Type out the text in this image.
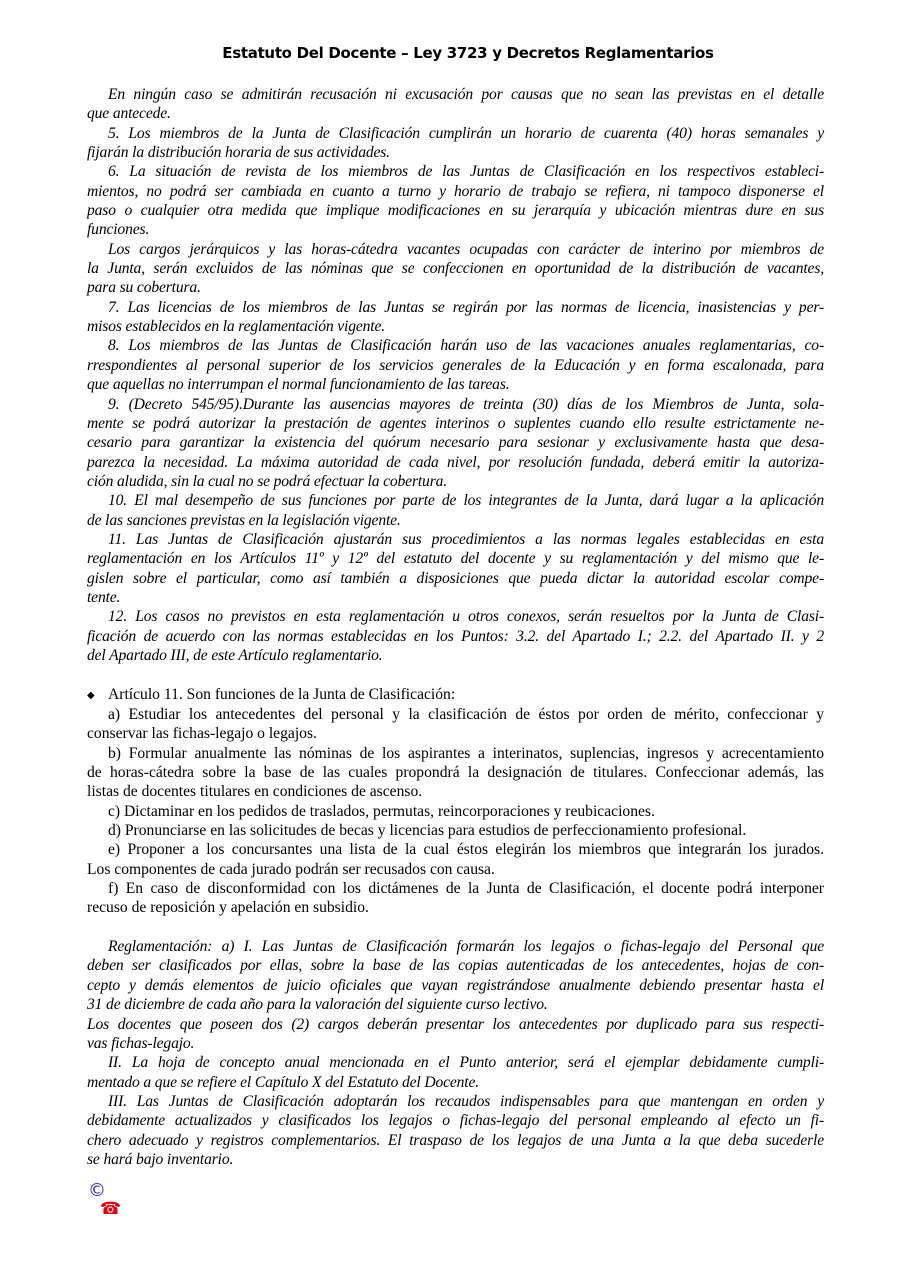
Estatuto Del Docente – Ley 3723 y Decretos Reglamentarios
En ningún caso se admitirán recusación ni excusación por causas que no sean las previstas en el detalle
que antecede.
5. Los miembros de la Junta de Clasificación cumplirán un horario de cuarenta (40) horas semanales y
fijarán la distribución horaria de sus actividades.
6. La situación de revista de los miembros de las Juntas de Clasificación en los respectivos estableci-
mientos, no podrá ser cambiada en cuanto a turno y horario de trabajo se refiera, ni tampoco disponerse el
paso o cualquier otra medida que implique modificaciones en su jerarquía y ubicación mientras dure en sus
funciones.
Los cargos jerárquicos y las horas-cátedra vacantes ocupadas con carácter de interino por miembros de
la Junta, serán excluidos de las nóminas que se confeccionen en oportunidad de la distribución de vacantes,
para su cobertura.
7. Las licencias de los miembros de las Juntas se regirán por las normas de licencia, inasistencias y per-
misos establecidos en la reglamentación vigente.
8. Los miembros de las Juntas de Clasificación harán uso de las vacaciones anuales reglamentarias, co-
rrespondientes al personal superior de los servicios generales de la Educación y en forma escalonada, para
que aquellas no interrumpan el normal funcionamiento de las tareas.
9. (Decreto 545/95).Durante las ausencias mayores de treinta (30) días de los Miembros de Junta, sola-
mente se podrá autorizar la prestación de agentes interinos o suplentes cuando ello resulte estrictamente ne-
cesario para garantizar la existencia del quórum necesario para sesionar y exclusivamente hasta que desa-
parezca la necesidad. La máxima autoridad de cada nivel, por resolución fundada, deberá emitir la autoriza-
ción aludida, sin la cual no se podrá efectuar la cobertura.
10. El mal desempeño de sus funciones por parte de los integrantes de la Junta, dará lugar a la aplicación
de las sanciones previstas en la legislación vigente.
11. Las Juntas de Clasificación ajustarán sus procedimientos a las normas legales establecidas en esta
reglamentación en los Artículos 11º y 12º del estatuto del docente y su reglamentación y del mismo que le-
gislen sobre el particular, como así también a disposiciones que pueda dictar la autoridad escolar compe-
tente.
12. Los casos no previstos en esta reglamentación u otros conexos, serán resueltos por la Junta de Clasi-
ficación de acuerdo con las normas establecidas en los Puntos: 3.2. del Apartado I.; 2.2. del Apartado II. y 2
del Apartado III, de este Artículo reglamentario.
◆ Artículo 11. Son funciones de la Junta de Clasificación:
a) Estudiar los antecedentes del personal y la clasificación de éstos por orden de mérito, confeccionar y
conservar las fichas-legajo o legajos.
b) Formular anualmente las nóminas de los aspirantes a interinatos, suplencias, ingresos y acrecentamiento
de horas-cátedra sobre la base de las cuales propondrá la designación de titulares. Confeccionar además, las
listas de docentes titulares en condiciones de ascenso.
c) Dictaminar en los pedidos de traslados, permutas, reincorporaciones y reubicaciones.
d) Pronunciarse en las solicitudes de becas y licencias para estudios de perfeccionamiento profesional.
e) Proponer a los concursantes una lista de la cual éstos elegirán los miembros que integrarán los jurados.
Los componentes de cada jurado podrán ser recusados con causa.
f) En caso de disconformidad con los dictámenes de la Junta de Clasificación, el docente podrá interponer
recuso de reposición y apelación en subsidio.
Reglamentación: a) I. Las Juntas de Clasificación formarán los legajos o fichas-legajo del Personal que
deben ser clasificados por ellas, sobre la base de las copias autenticadas de los antecedentes, hojas de con-
cepto y demás elementos de juicio oficiales que vayan registrándose anualmente debiendo presentar hasta el
31 de diciembre de cada año para la valoración del siguiente curso lectivo.
Los docentes que poseen dos (2) cargos deberán presentar los antecedentes por duplicado para sus respecti-
vas fichas-legajo.
II. La hoja de concepto anual mencionada en el Punto anterior, será el ejemplar debidamente cumpli-
mentado a que se refiere el Capítulo X del Estatuto del Docente.
III. Las Juntas de Clasificación adoptarán los recaudos indispensables para que mantengan en orden y
debidamente actualizados y clasificados los legajos o fichas-legajo del personal empleando al efecto un fi-
chero adecuado y registros complementarios. El traspaso de los legajos de una Junta a la que deba sucederle
se hará bajo inventario.
©
☎
